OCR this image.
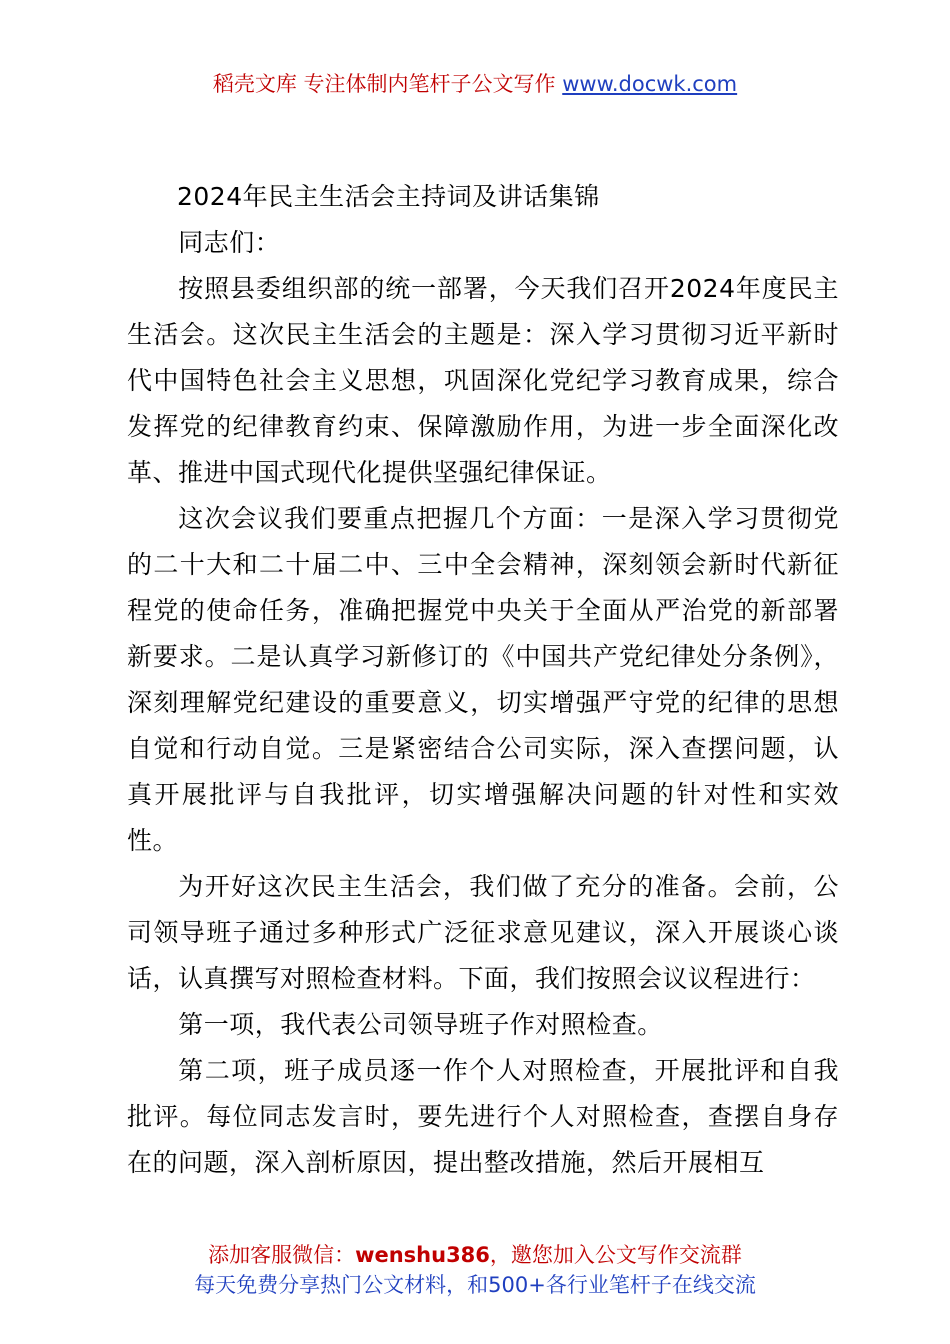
稻壳文库 专注体制内笔杆子公文写作 www.docwk.com

2024年民主生活会主持词及讲话集锦

同志们：

按照县委组织部的统一部署，今天我们召开2024年度民主生活会。这次民主生活会的主题是：深入学习贯彻习近平新时代中国特色社会主义思想，巩固深化党纪学习教育成果，综合发挥党的纪律教育约束、保障激励作用，为进一步全面深化改革、推进中国式现代化提供坚强纪律保证。

这次会议我们要重点把握几个方面：一是深入学习贯彻党的二十大和二十届二中、三中全会精神，深刻领会新时代新征程党的使命任务，准确把握党中央关于全面从严治党的新部署新要求。二是认真学习新修订的《中国共产党纪律处分条例》，深刻理解党纪建设的重要意义，切实增强严守党的纪律的思想自觉和行动自觉。三是紧密结合公司实际，深入查摆问题，认真开展批评与自我批评，切实增强解决问题的针对性和实效性。

为开好这次民主生活会，我们做了充分的准备。会前，公司领导班子通过多种形式广泛征求意见建议，深入开展谈心谈话，认真撰写对照检查材料。下面，我们按照会议议程进行：

第一项，我代表公司领导班子作对照检查。

第二项，班子成员逐一作个人对照检查，开展批评和自我批评。每位同志发言时，要先进行个人对照检查，查摆自身存在的问题，深入剖析原因，提出整改措施，然后开展相互

添加客服微信：wenshu386，邀您加入公文写作交流群
每天免费分享热门公文材料，和500+各行业笔杆子在线交流
